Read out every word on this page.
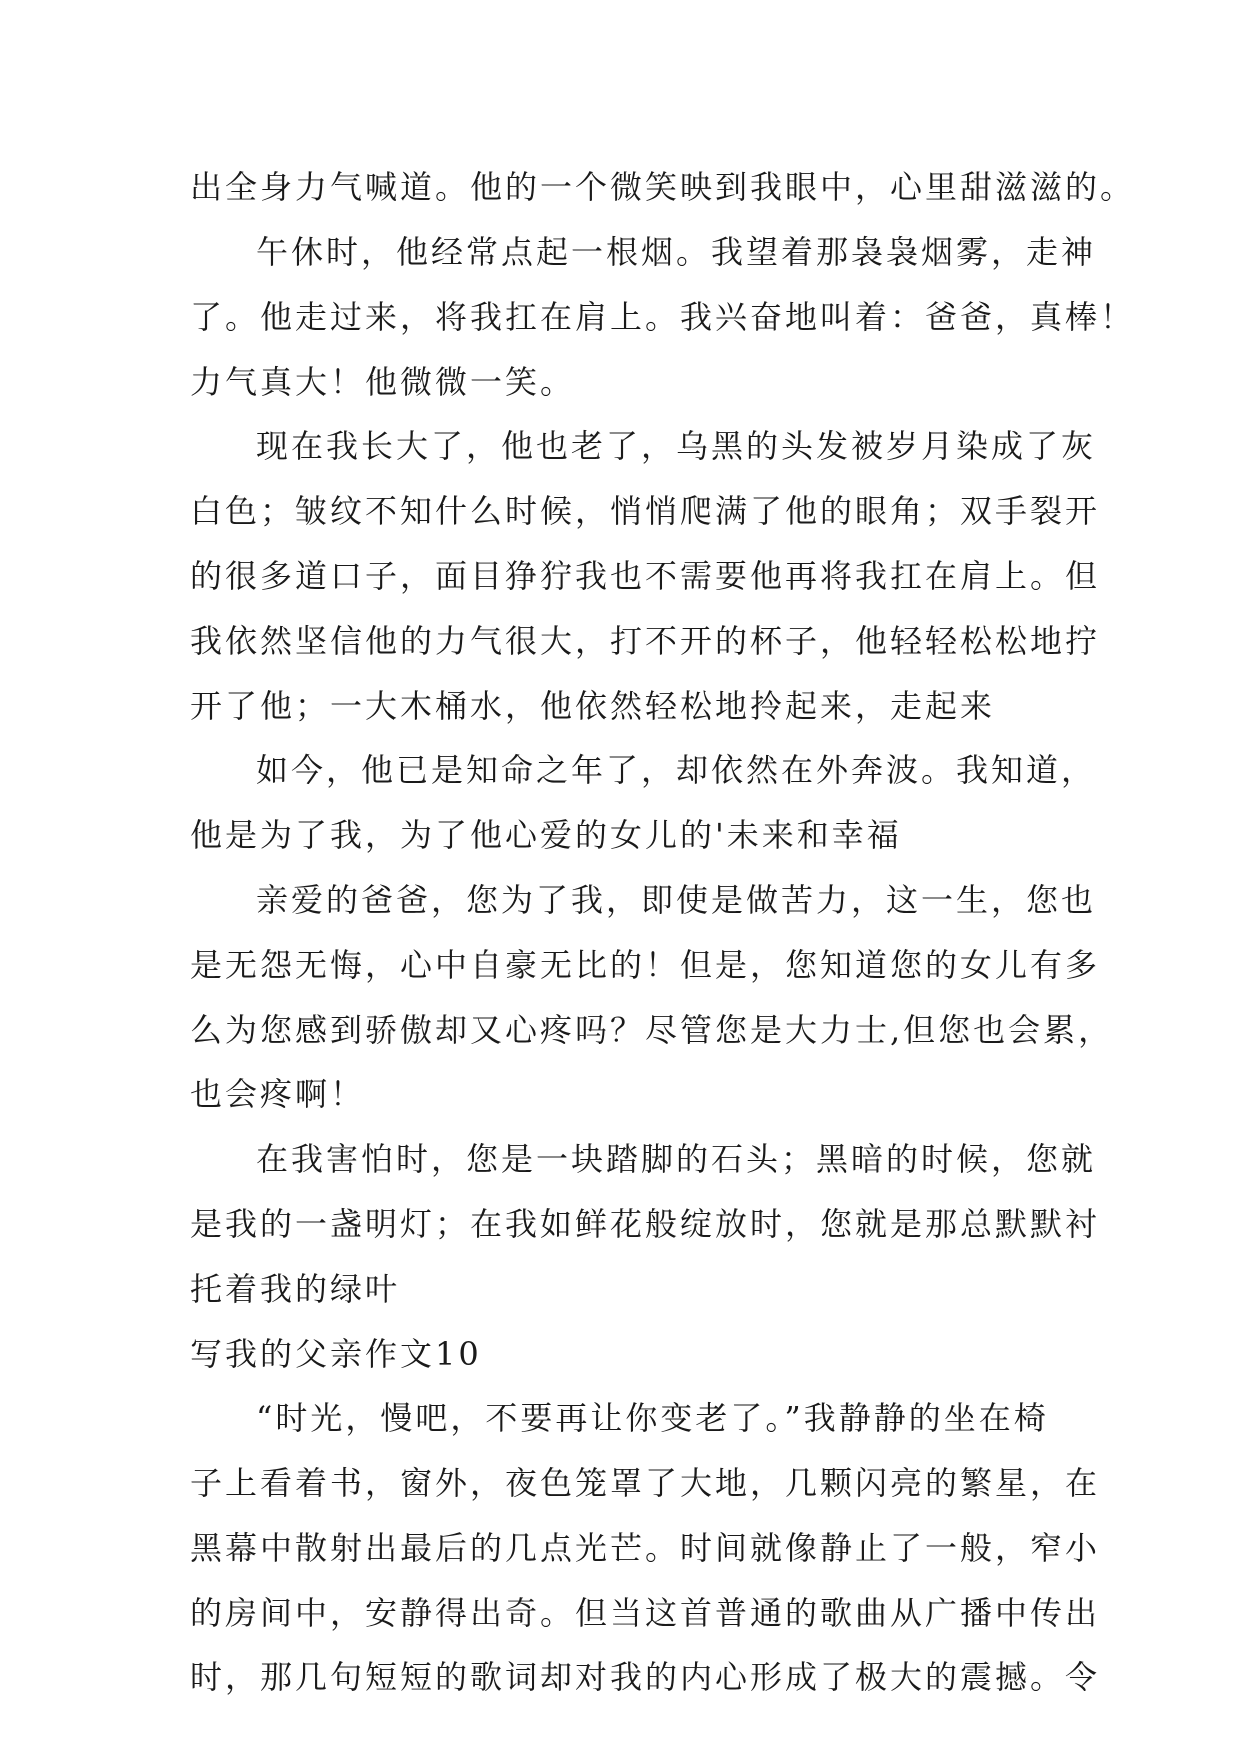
出全身力气喊道。他的一个微笑映到我眼中，心里甜滋滋的。
午休时，他经常点起一根烟。我望着那袅袅烟雾，走神
了。他走过来，将我扛在肩上。我兴奋地叫着：爸爸，真棒！
力气真大！他微微一笑。
现在我长大了，他也老了，乌黑的头发被岁月染成了灰
白色；皱纹不知什么时候，悄悄爬满了他的眼角；双手裂开
的很多道口子，面目狰狞我也不需要他再将我扛在肩上。但
我依然坚信他的力气很大，打不开的杯子，他轻轻松松地拧
开了他；一大木桶水，他依然轻松地拎起来，走起来
如今，他已是知命之年了，却依然在外奔波。我知道，
他是为了我，为了他心爱的女儿的'未来和幸福
亲爱的爸爸，您为了我，即使是做苦力，这一生，您也
是无怨无悔，心中自豪无比的！但是，您知道您的女儿有多
么为您感到骄傲却又心疼吗？尽管您是大力士,但您也会累，
也会疼啊！
在我害怕时，您是一块踏脚的石头；黑暗的时候，您就
是我的一盏明灯；在我如鲜花般绽放时，您就是那总默默衬
托着我的绿叶
写我的父亲作文10
“时光，慢吧，不要再让你变老了。”我静静的坐在椅
子上看着书，窗外，夜色笼罩了大地，几颗闪亮的繁星，在
黑幕中散射出最后的几点光芒。时间就像静止了一般，窄小
的房间中，安静得出奇。但当这首普通的歌曲从广播中传出
时，那几句短短的歌词却对我的内心形成了极大的震撼。令
